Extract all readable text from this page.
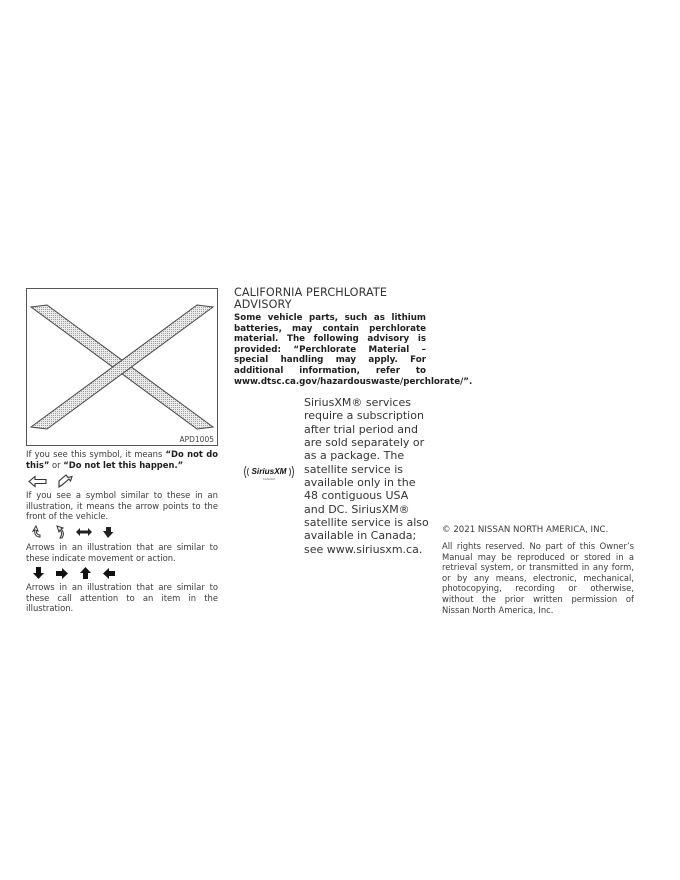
APD1005
If you see this symbol, it means “Do not do this” or “Do not let this happen.”
If you see a symbol similar to these in an illustration, it means the arrow points to the front of the vehicle.
Arrows in an illustration that are similar to these indicate movement or action.
Arrows in an illustration that are similar to these call attention to an item in the illustration.
CALIFORNIA PERCHLORATE
ADVISORY
Some vehicle parts, such as lithium batteries, may contain perchlorate material. The following advisory is provided: “Perchlorate Material – special handling may apply. For additional information, refer to www.dtsc.ca.gov/hazardouswaste/perchlorate/”.
SiriusXM
CANADA
SiriusXM® services
require a subscription
after trial period and
are sold separately or
as a package. The
satellite service is
available only in the
48 contiguous USA
and DC. SiriusXM®
satellite service is also
available in Canada;
see www.siriusxm.ca.
© 2021 NISSAN NORTH AMERICA, INC.
All rights reserved. No part of this Owner’s Manual may be reproduced or stored in a retrieval system, or transmitted in any form, or by any means, electronic, mechanical, photocopying, recording or otherwise, without the prior written permission of Nissan North America, Inc.
